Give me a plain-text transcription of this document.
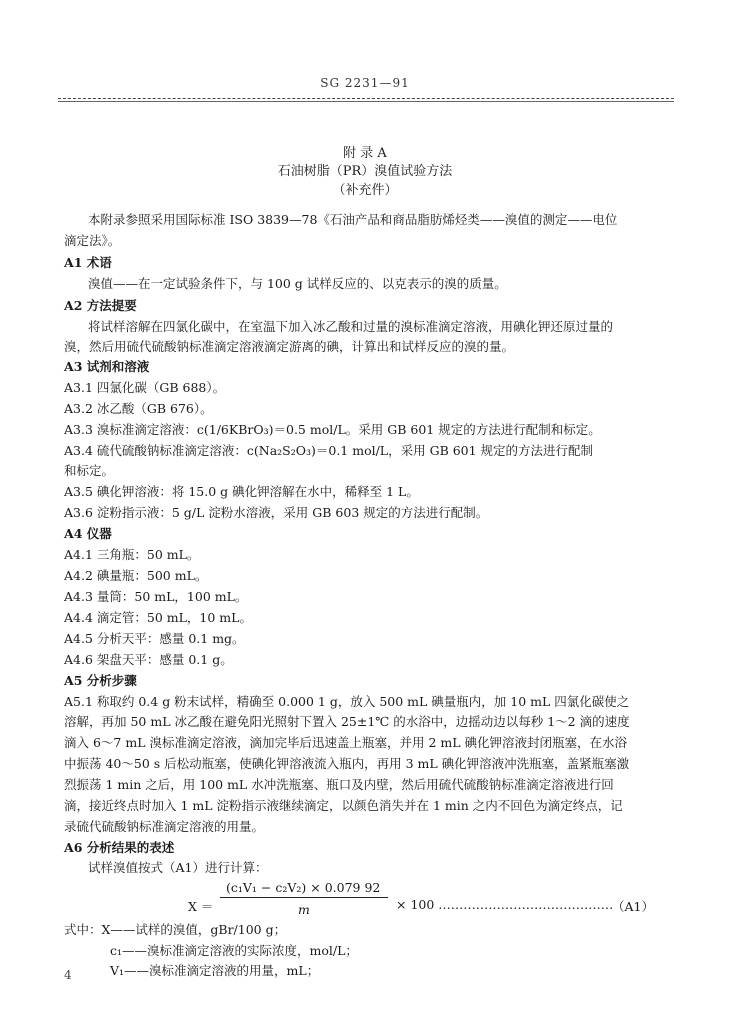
SG 2231—91
附 录 A
石油树脂（PR）溴值试验方法
（补充件）
本附录参照采用国际标准 ISO 3839—78《石油产品和商品脂肪烯烃类——溴值的测定——电位
滴定法》。
A1 术语
溴值——在一定试验条件下，与 100 g 试样反应的、以克表示的溴的质量。
A2 方法提要
将试样溶解在四氯化碳中，在室温下加入冰乙酸和过量的溴标准滴定溶液，用碘化钾还原过量的
溴，然后用硫代硫酸钠标准滴定溶液滴定游离的碘，计算出和试样反应的溴的量。
A3 试剂和溶液
A3.1 四氯化碳（GB 688）。
A3.2 冰乙酸（GB 676）。
A3.3 溴标准滴定溶液：c(1/6KBrO₃)＝0.5 mol/L。采用 GB 601 规定的方法进行配制和标定。
A3.4 硫代硫酸钠标准滴定溶液：c(Na₂S₂O₃)＝0.1 mol/L，采用 GB 601 规定的方法进行配制
和标定。
A3.5 碘化钾溶液：将 15.0 g 碘化钾溶解在水中，稀释至 1 L。
A3.6 淀粉指示液：5 g/L 淀粉水溶液，采用 GB 603 规定的方法进行配制。
A4 仪器
A4.1 三角瓶：50 mL。
A4.2 碘量瓶：500 mL。
A4.3 量筒：50 mL，100 mL。
A4.4 滴定管：50 mL，10 mL。
A4.5 分析天平：感量 0.1 mg。
A4.6 架盘天平：感量 0.1 g。
A5 分析步骤
A5.1 称取约 0.4 g 粉末试样，精确至 0.000 1 g，放入 500 mL 碘量瓶内，加 10 mL 四氯化碳使之
溶解，再加 50 mL 冰乙酸在避免阳光照射下置入 25±1℃ 的水浴中，边摇动边以每秒 1～2 滴的速度
滴入 6～7 mL 溴标准滴定溶液，滴加完毕后迅速盖上瓶塞，并用 2 mL 碘化钾溶液封闭瓶塞，在水浴
中振荡 40～50 s 后松动瓶塞，使碘化钾溶液流入瓶内，再用 3 mL 碘化钾溶液冲洗瓶塞，盖紧瓶塞激
烈振荡 1 min 之后，用 100 mL 水冲洗瓶塞、瓶口及内壁，然后用硫代硫酸钠标准滴定溶液进行回
滴，接近终点时加入 1 mL 淀粉指示液继续滴定，以颜色消失并在 1 min 之内不回色为滴定终点，记
录硫代硫酸钠标准滴定溶液的用量。
A6 分析结果的表述
试样溴值按式（A1）进行计算：
X ＝
(c₁V₁ − c₂V₂) × 0.079 92
m	× 100 ……………………………………
（A1）
式中：X——试样的溴值，gBr/100 g；
c₁——溴标准滴定溶液的实际浓度，mol/L；
V₁——溴标准滴定溶液的用量，mL；
4
